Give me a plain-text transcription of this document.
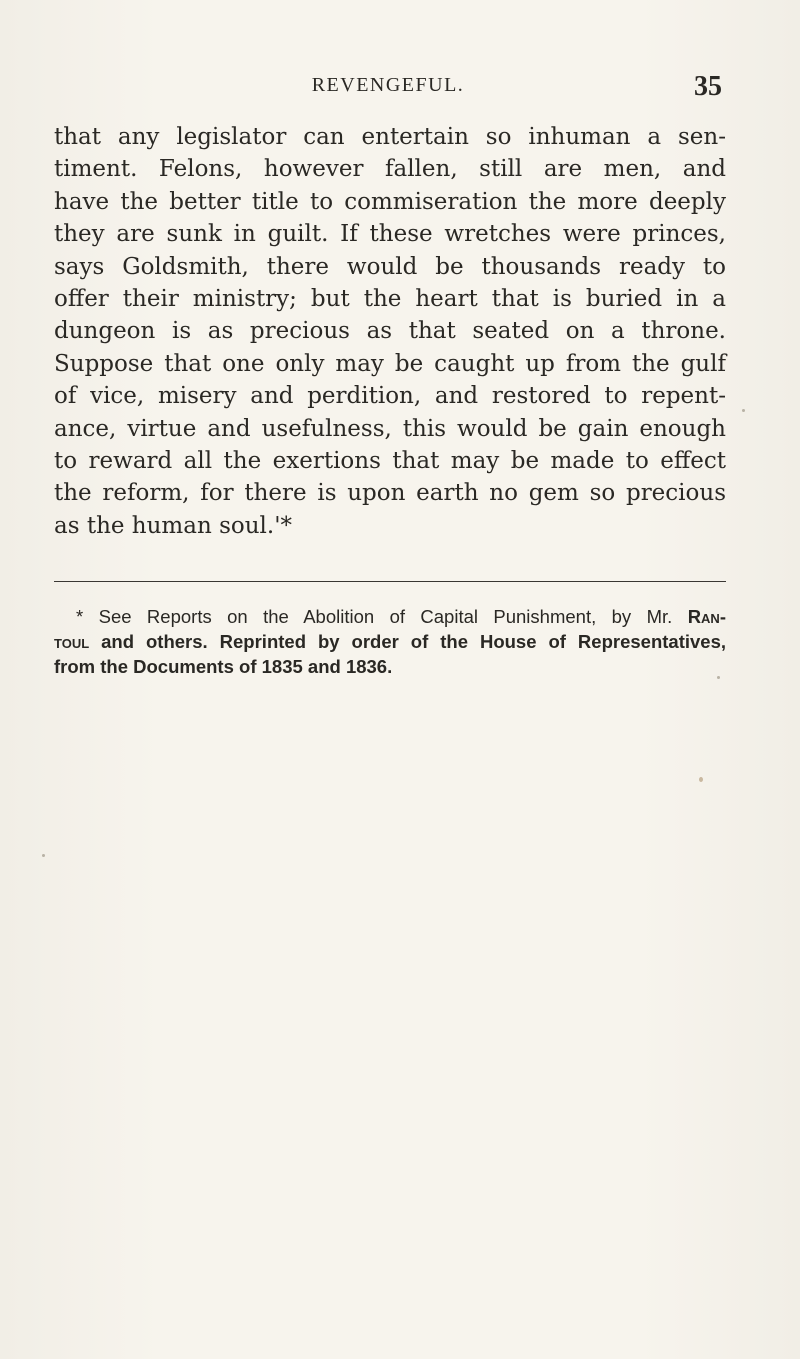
REVENGEFUL.	35
that any legislator can entertain so inhuman a sen-
timent. Felons, however fallen, still are men, and
have the better title to commiseration the more deeply
they are sunk in guilt. If these wretches were princes,
says Goldsmith, there would be thousands ready to
offer their ministry; but the heart that is buried in a
dungeon is as precious as that seated on a throne.
Suppose that one only may be caught up from the gulf
of vice, misery and perdition, and restored to repent-
ance, virtue and usefulness, this would be gain enough
to reward all the exertions that may be made to effect
the reform, for there is upon earth no gem so precious
as the human soul.'*
* See Reports on the Abolition of Capital Punishment, by Mr. Ran-
toul and others. Reprinted by order of the House of Representatives,
from the Documents of 1835 and 1836.
